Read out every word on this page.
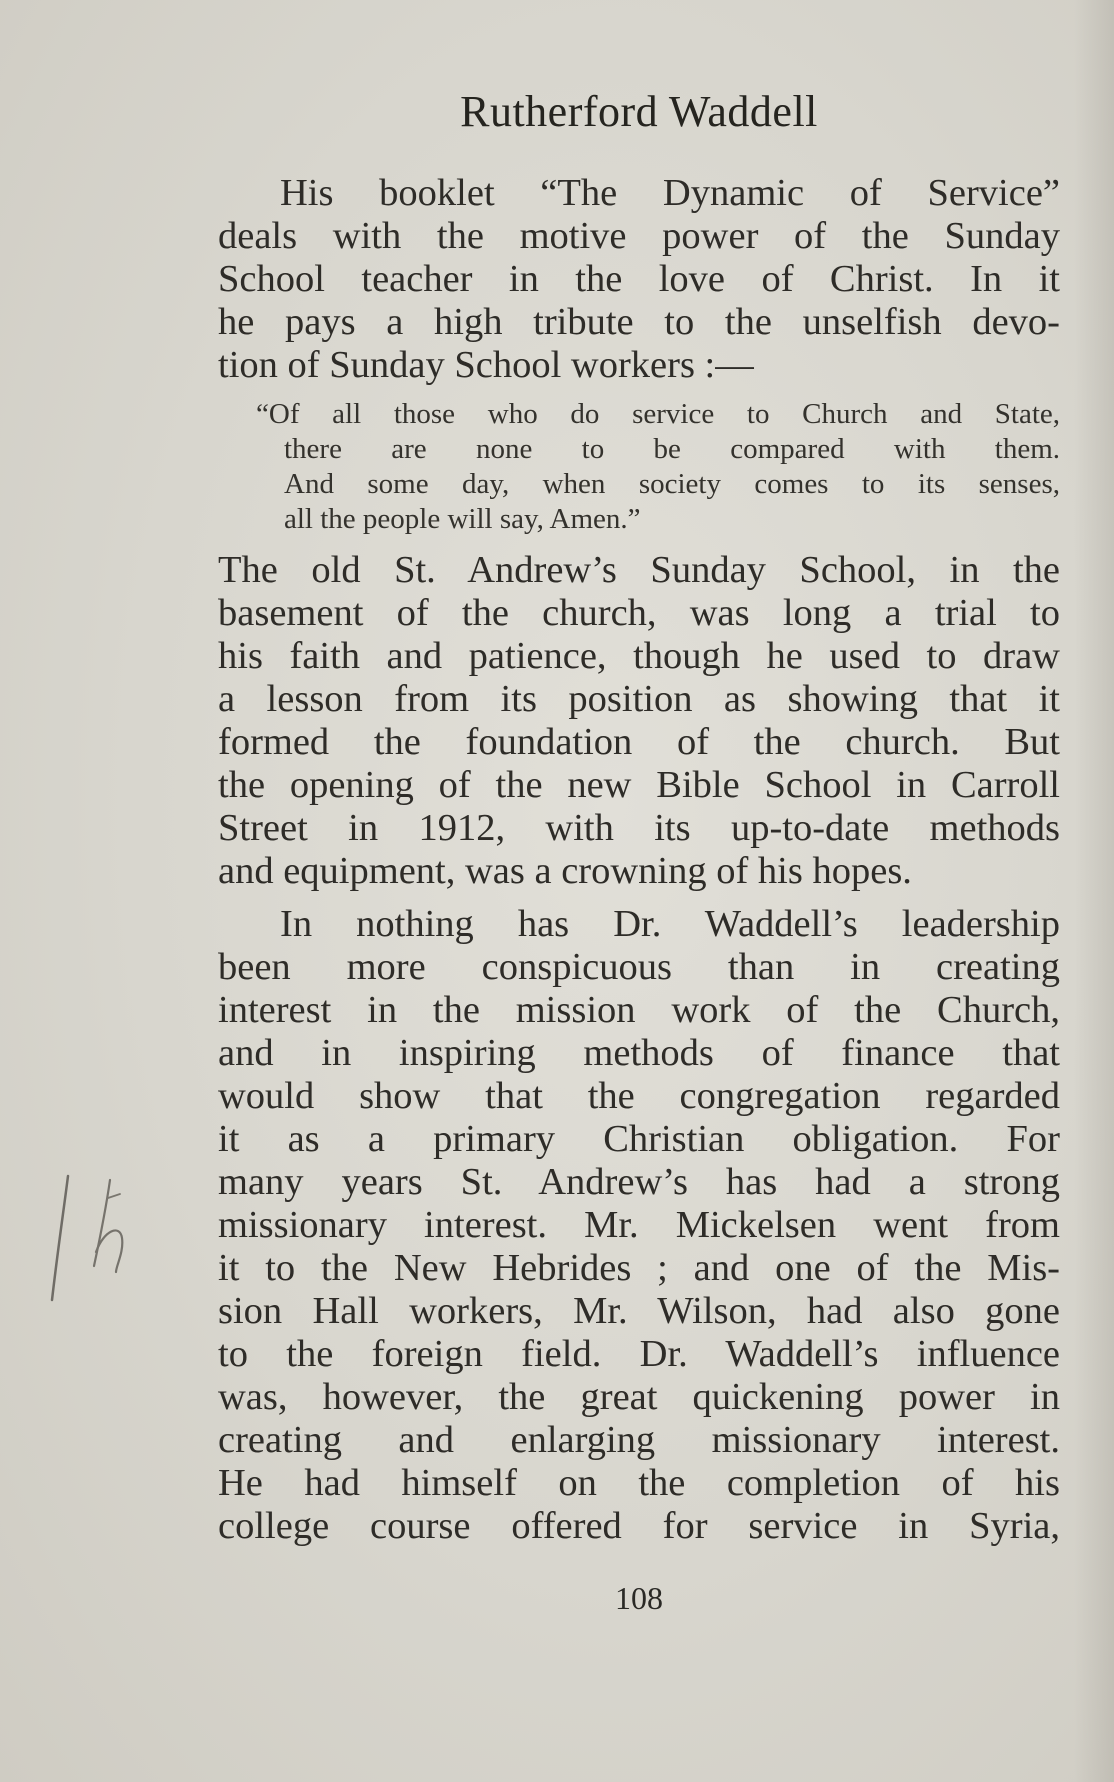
Rutherford Waddell

His booklet “The Dynamic of Service”
deals with the motive power of the Sunday
School teacher in the love of Christ. In it
he pays a high tribute to the unselfish devo-
tion of Sunday School workers :—

“Of all those who do service to Church and State,
there are none to be compared with them.
And some day, when society comes to its senses,
all the people will say, Amen.”

The old St. Andrew’s Sunday School, in the
basement of the church, was long a trial to
his faith and patience, though he used to draw
a lesson from its position as showing that it
formed the foundation of the church. But
the opening of the new Bible School in Carroll
Street in 1912, with its up-to-date methods
and equipment, was a crowning of his hopes.

In nothing has Dr. Waddell’s leadership
been more conspicuous than in creating
interest in the mission work of the Church,
and in inspiring methods of finance that
would show that the congregation regarded
it as a primary Christian obligation. For
many years St. Andrew’s has had a strong
missionary interest. Mr. Mickelsen went from
it to the New Hebrides ; and one of the Mis-
sion Hall workers, Mr. Wilson, had also gone
to the foreign field. Dr. Waddell’s influence
was, however, the great quickening power in
creating and enlarging missionary interest.
He had himself on the completion of his
college course offered for service in Syria,

108
